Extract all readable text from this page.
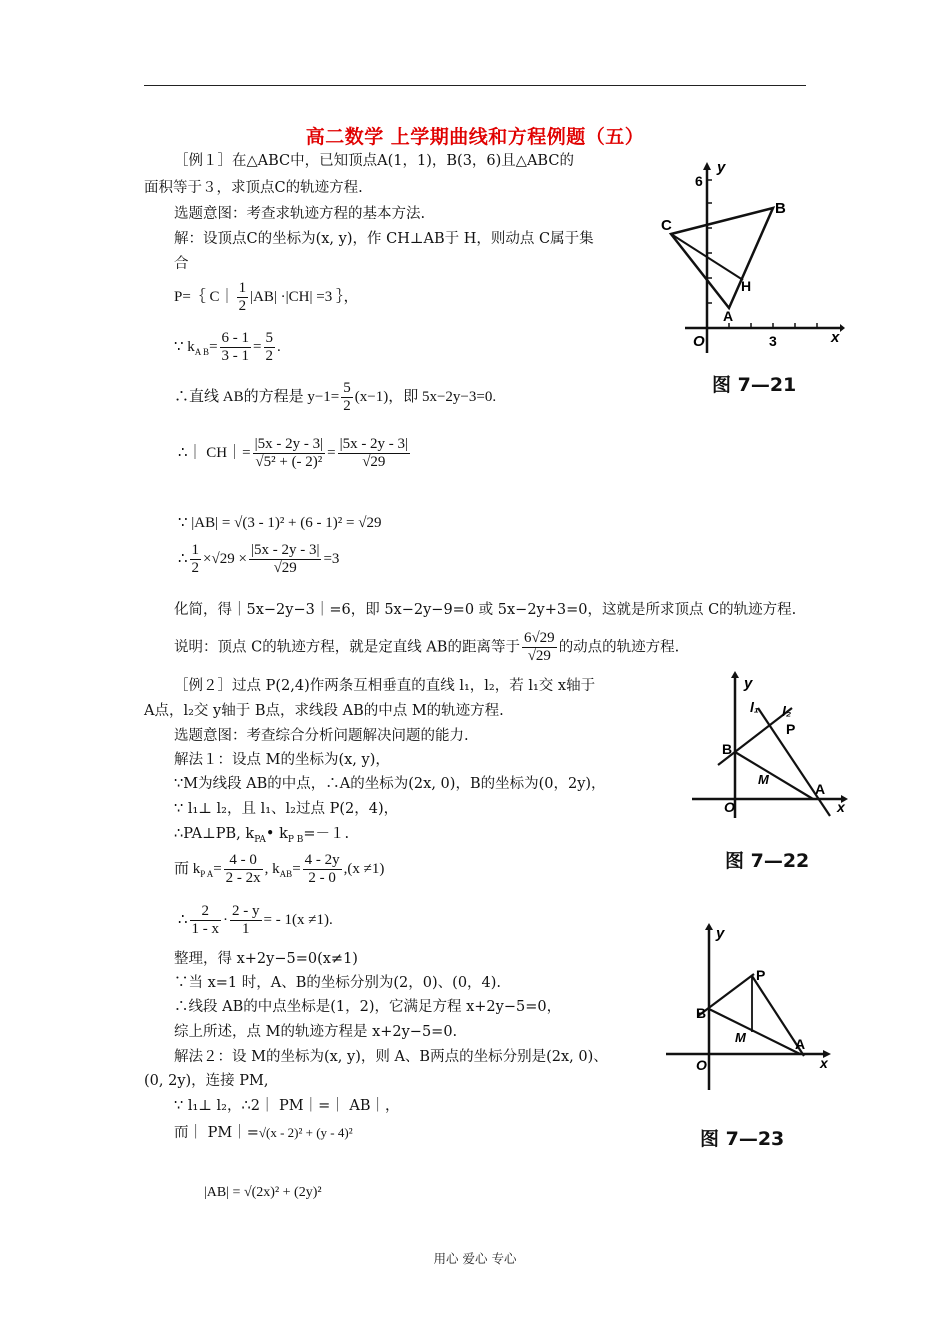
高二数学 上学期曲线和方程例题（五）
［例１］在△ABC中，已知顶点A(1，1)，B(3，6)且△ABC的
面积等于３，求顶点C的轨迹方程.
选题意图：考查求轨迹方程的基本方法.
解：设顶点C的坐标为(x, y)，作 CH⊥AB于 H，则动点 C属于集
合
P=｛ C｜ $\frac{1}{2} |AB| \cdot|CH| =3$ ｝，
∵ $k_{A B}= \frac{6 - 1}{3 - 1} = \frac{5}{2}$ .
∴直线 AB的方程是 $y-1= \frac{5}{2} (x-1)$，即 5x−2y−3=0.
∴｜ CH｜= $\frac{|5x - 2y - 3|}{\text{√5² + (- 2)²}} = \frac{|5x - 2y - 3|}{√29}$
∵ |AB| = √(3 - 1)² + (6 - 1)² = √29
∴ $\frac{1}{2} \times√29 \times \frac{|5x - 2y - 3|}{√29} =3$
化简，得｜5x−2y−3｜=6，即 5x−2y−9=0 或 5x−2y+3=0，这就是所求顶点 C的轨迹方程.
说明：顶点 C的轨迹方程，就是定直线 AB的距离等于 $\frac{6√29}{√29}$ 的动点的轨迹方程.
［例２］过点 P(2,4)作两条互相垂直的直线 l₁，l₂，若 l₁交 x轴于
A点，l₂交 y轴于 B点，求线段 AB的中点 M的轨迹方程.
选题意图：考查综合分析问题解决问题的能力.
解法１：设点 M的坐标为(x, y)，
∵M为线段 AB的中点，∴A的坐标为(2x, 0)，B的坐标为(0，2y)，
∵ l₁⊥ l₂，且 l₁、l₂过点 P(2，4)，
∴PA⊥PB, $k_{PA}•$ $k_{P B}=-1$.
而 $k_{P A}= \frac{4 - 0}{2 - 2x}$ , $k_{AB}= \frac{4 - 2y}{2 - 0} ,(x \ne 1)$
∴ $\frac{2}{1 - x} \cdot \frac{2 - y}{1}$ = - 1(x ≠1).
整理，得 x+2y−5=0(x≠1)
∵当 x=1 时，A、B的坐标分别为(2，0)、(0，4).
∴线段 AB的中点坐标是(1，2)，它满足方程 x+2y−5=0，
综上所述，点 M的轨迹方程是 x+2y−5=0.
解法２：设 M的坐标为(x, y)，则 A、B两点的坐标分别是(2x, 0)、
(0, 2y)，连接 PM,
∵ l₁⊥ l₂，∴2｜ PM｜=｜ AB｜，
而｜ PM｜=√(x - 2)² + (y - 4)²
|AB| = √(2x)² + (2y)²
C
B
H
A
O	3	x
y
6
图 7—21
y
l₁ l₂
P
B
M
O
A
x
图 7—22
y
P
B
M
O
A
x
图 7—23
用心 爱心 专心
